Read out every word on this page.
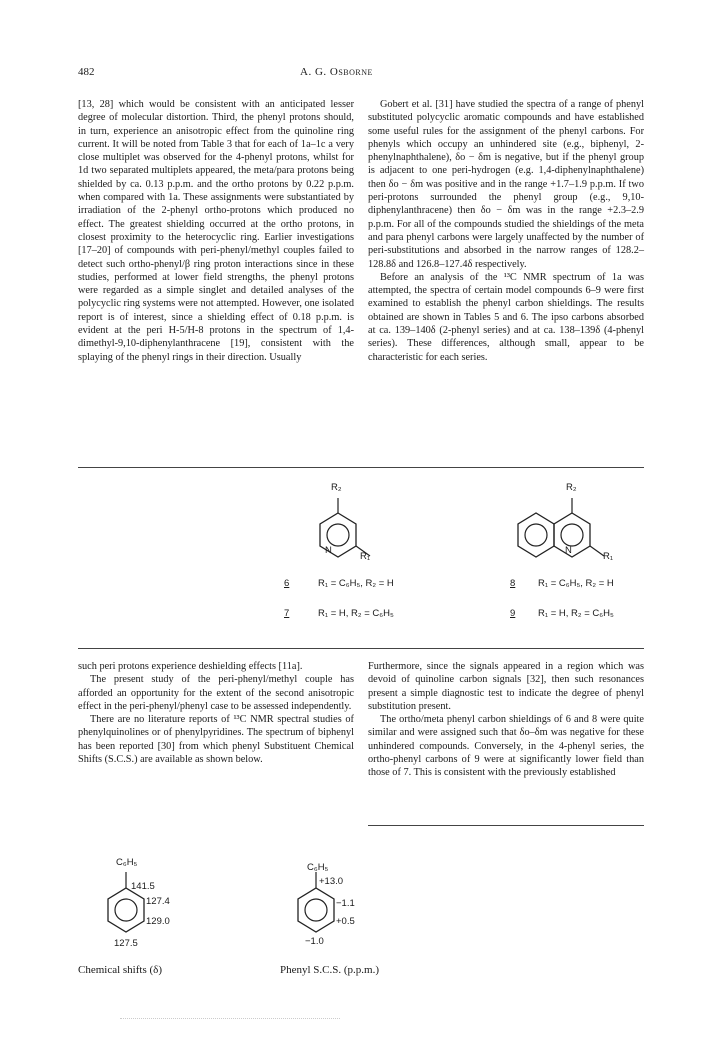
482	A. G. Osborne

[13, 28] which would be consistent with an anticipated lesser degree of molecular distortion. Third, the phenyl protons should, in turn, experience an anisotropic effect from the quinoline ring current. It will be noted from Table 3 that for each of 1a–1c a very close multiplet was observed for the 4-phenyl protons, whilst for 1d two separated multiplets appeared, the meta/para protons being shielded by ca. 0.13 p.p.m. and the ortho protons by 0.22 p.p.m. when compared with 1a. These assignments were substantiated by irradiation of the 2-phenyl ortho-protons which produced no effect. The greatest shielding occurred at the ortho protons, in closest proximity to the heterocyclic ring. Earlier investigations [17–20] of compounds with peri-phenyl/methyl couples failed to detect such ortho-phenyl/β ring proton interactions since in these studies, performed at lower field strengths, the phenyl protons were regarded as a simple singlet and detailed analyses of the polycyclic ring systems were not attempted. However, one isolated report is of interest, since a shielding effect of 0.18 p.p.m. is evident at the peri H-5/H-8 protons in the spectrum of 1,4-dimethyl-9,10-diphenylanthracene [19], consistent with the splaying of the phenyl rings in their direction. Usually

Gobert et al. [31] have studied the spectra of a range of phenyl substituted polycyclic aromatic compounds and have established some useful rules for the assignment of the phenyl carbons. For phenyls which occupy an unhindered site (e.g., biphenyl, 2-phenylnaphthalene), δo − δm is negative, but if the phenyl group is adjacent to one peri-hydrogen (e.g. 1,4-diphenylnaphthalene) then δo − δm was positive and in the range +1.7–1.9 p.p.m. If two peri-protons surrounded the phenyl group (e.g., 9,10-diphenylanthracene) then δo − δm was in the range +2.3–2.9 p.p.m. For all of the compounds studied the shieldings of the meta and para phenyl carbons were largely unaffected by the number of peri-substitutions and absorbed in the narrow ranges of 128.2–128.8δ and 126.8–127.4δ respectively.

Before an analysis of the ¹³C NMR spectrum of 1a was attempted, the spectra of certain model compounds 6–9 were first examined to establish the phenyl carbon shieldings. The results obtained are shown in Tables 5 and 6. The ipso carbons absorbed at ca. 139–140δ (2-phenyl series) and at ca. 138–139δ (4-phenyl series). These differences, although small, appear to be characteristic for each series.

R₂
N
R₁
R₂
N
R₁
6	R₁ = C₆H₅, R₂ = H
7	R₁ = H, R₂ = C₆H₅
8 R₁ = C₆H₅, R₂ = H
9 R₁ = H, R₂ = C₆H₅

such peri protons experience deshielding effects [11a].

The present study of the peri-phenyl/methyl couple has afforded an opportunity for the extent of the second anisotropic effect in the peri-phenyl/phenyl case to be assessed independently.

There are no literature reports of ¹³C NMR spectral studies of phenylquinolines or of phenylpyridines. The spectrum of biphenyl has been reported [30] from which phenyl Substituent Chemical Shifts (S.C.S.) are available as shown below.

Furthermore, since the signals appeared in a region which was devoid of quinoline carbon signals [32], then such resonances present a simple diagnostic test to indicate the degree of phenyl substitution present.

The ortho/meta phenyl carbon shieldings of 6 and 8 were quite similar and were assigned such that δo–δm was negative for these unhindered compounds. Conversely, in the 4-phenyl series, the ortho-phenyl carbons of 9 were at significantly lower field than those of 7. This is consistent with the previously established

C₆H₅
141.5
127.4
129.0
127.5
Chemical shifts (δ)
C₆H₅
+13.0
−1.1
+0.5
−1.0
Phenyl S.C.S. (p.p.m.)
